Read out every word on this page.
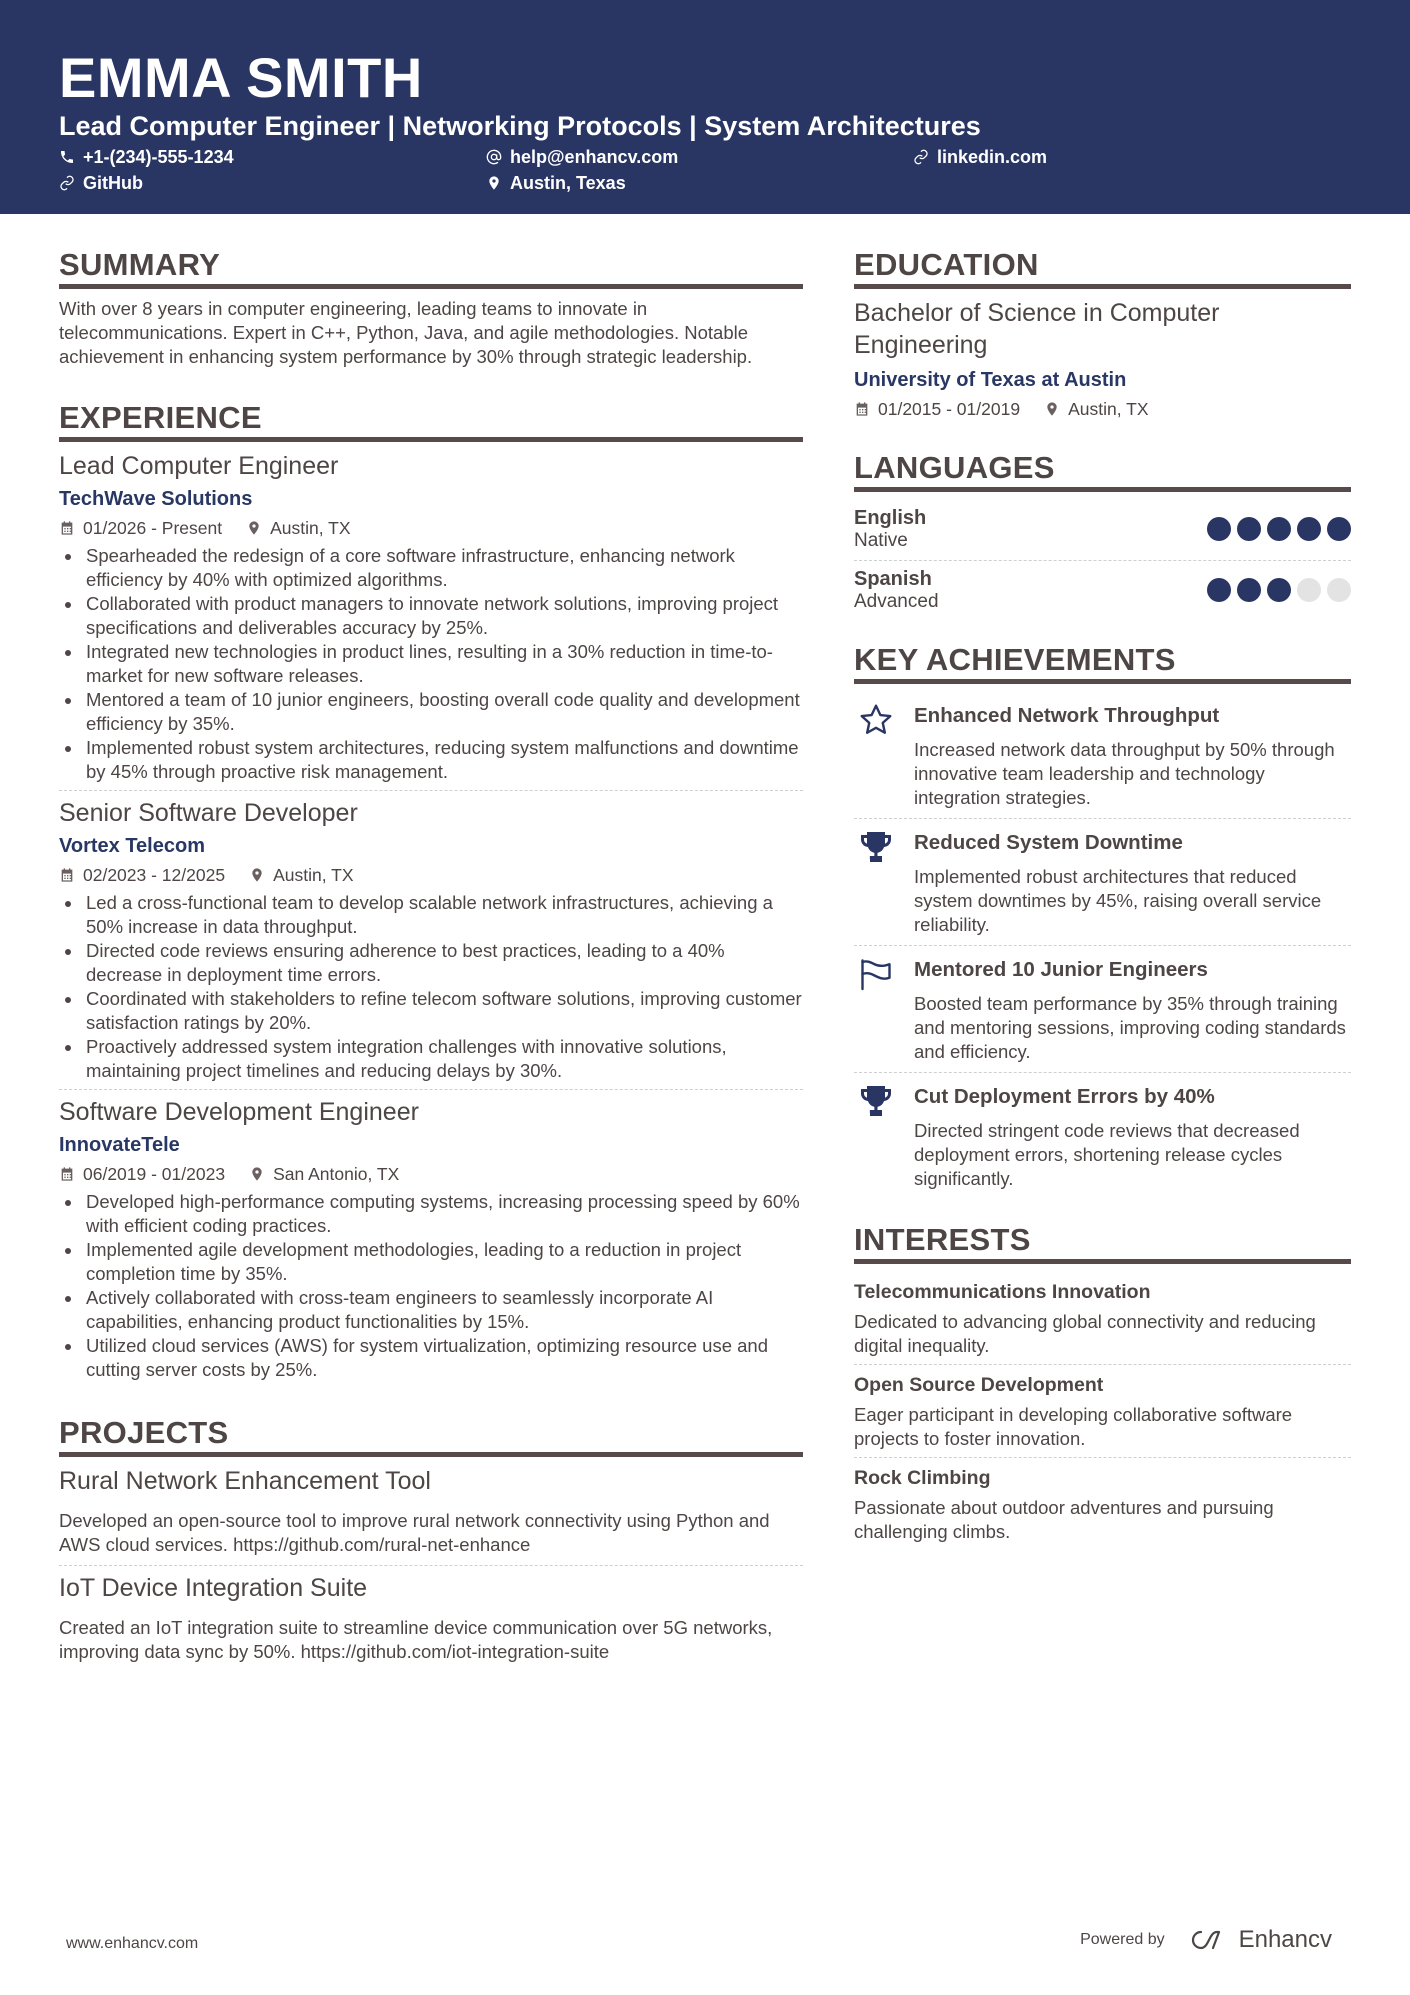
EMMA SMITH
Lead Computer Engineer | Networking Protocols | System Architectures
+1-(234)-555-1234	help@enhancv.com	linkedin.com
GitHub	Austin, Texas
SUMMARY
With over 8 years in computer engineering, leading teams to innovate in telecommunications. Expert in C++, Python, Java, and agile methodologies. Notable achievement in enhancing system performance by 30% through strategic leadership.
EXPERIENCE
Lead Computer Engineer
TechWave Solutions
01/2026 - Present	Austin, TX
Spearheaded the redesign of a core software infrastructure, enhancing network efficiency by 40% with optimized algorithms.
Collaborated with product managers to innovate network solutions, improving project specifications and deliverables accuracy by 25%.
Integrated new technologies in product lines, resulting in a 30% reduction in time-to-market for new software releases.
Mentored a team of 10 junior engineers, boosting overall code quality and development efficiency by 35%.
Implemented robust system architectures, reducing system malfunctions and downtime by 45% through proactive risk management.
Senior Software Developer
Vortex Telecom
02/2023 - 12/2025	Austin, TX
Led a cross-functional team to develop scalable network infrastructures, achieving a 50% increase in data throughput.
Directed code reviews ensuring adherence to best practices, leading to a 40% decrease in deployment time errors.
Coordinated with stakeholders to refine telecom software solutions, improving customer satisfaction ratings by 20%.
Proactively addressed system integration challenges with innovative solutions, maintaining project timelines and reducing delays by 30%.
Software Development Engineer
InnovateTele
06/2019 - 01/2023	San Antonio, TX
Developed high-performance computing systems, increasing processing speed by 60% with efficient coding practices.
Implemented agile development methodologies, leading to a reduction in project completion time by 35%.
Actively collaborated with cross-team engineers to seamlessly incorporate AI capabilities, enhancing product functionalities by 15%.
Utilized cloud services (AWS) for system virtualization, optimizing resource use and cutting server costs by 25%.
PROJECTS
Rural Network Enhancement Tool
Developed an open-source tool to improve rural network connectivity using Python and AWS cloud services. https://github.com/rural-net-enhance
IoT Device Integration Suite
Created an IoT integration suite to streamline device communication over 5G networks, improving data sync by 50%. https://github.com/iot-integration-suite
EDUCATION
Bachelor of Science in Computer Engineering
University of Texas at Austin
01/2015 - 01/2019	Austin, TX
LANGUAGES
English
Native
Spanish
Advanced
KEY ACHIEVEMENTS
Enhanced Network Throughput
Increased network data throughput by 50% through innovative team leadership and technology integration strategies.
Reduced System Downtime
Implemented robust architectures that reduced system downtimes by 45%, raising overall service reliability.
Mentored 10 Junior Engineers
Boosted team performance by 35% through training and mentoring sessions, improving coding standards and efficiency.
Cut Deployment Errors by 40%
Directed stringent code reviews that decreased deployment errors, shortening release cycles significantly.
INTERESTS
Telecommunications Innovation
Dedicated to advancing global connectivity and reducing digital inequality.
Open Source Development
Eager participant in developing collaborative software projects to foster innovation.
Rock Climbing
Passionate about outdoor adventures and pursuing challenging climbs.
www.enhancv.com	Powered by	Enhancv
